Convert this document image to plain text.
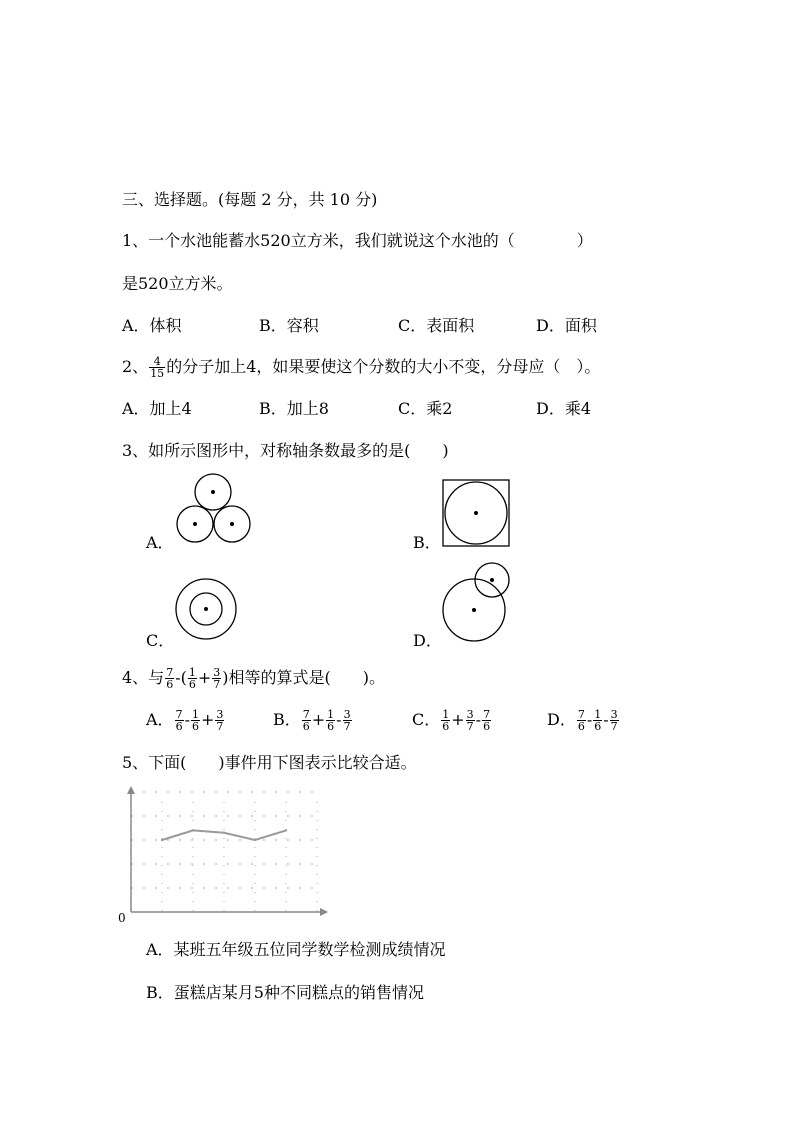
三、选择题。(每题 2 分，共 10 分)
1、一个水池能蓄水520立方米，我们就说这个水池的（	）
是520立方米。
A．体积	B．容积	C．表面积	D．面积
2、 $\frac{4}{15}$ 的分子加上4，如果要使这个分数的大小不变，分母应（　）。
A．加上4	B．加上8	C．乘2	D．乘4
3、如所示图形中，对称轴条数最多的是(　　)
A．	B．
C．	D．
4、与 $\frac{7}{6}$ -( $\frac{1}{6} + \frac{3}{7}$ )相等的算式是(　　)。
A． $\frac{7}{6} - \frac{1}{6} + \frac{3}{7}$	B． $\frac{7}{6} + \frac{1}{6} - \frac{3}{7}$	C． $\frac{1}{6} + \frac{3}{7} - \frac{7}{6}$	D． $\frac{7}{6} - \frac{1}{6} - \frac{3}{7}$
5、下面(　　)事件用下图表示比较合适。
0
A．某班五年级五位同学数学检测成绩情况
B．蛋糕店某月5种不同糕点的销售情况
